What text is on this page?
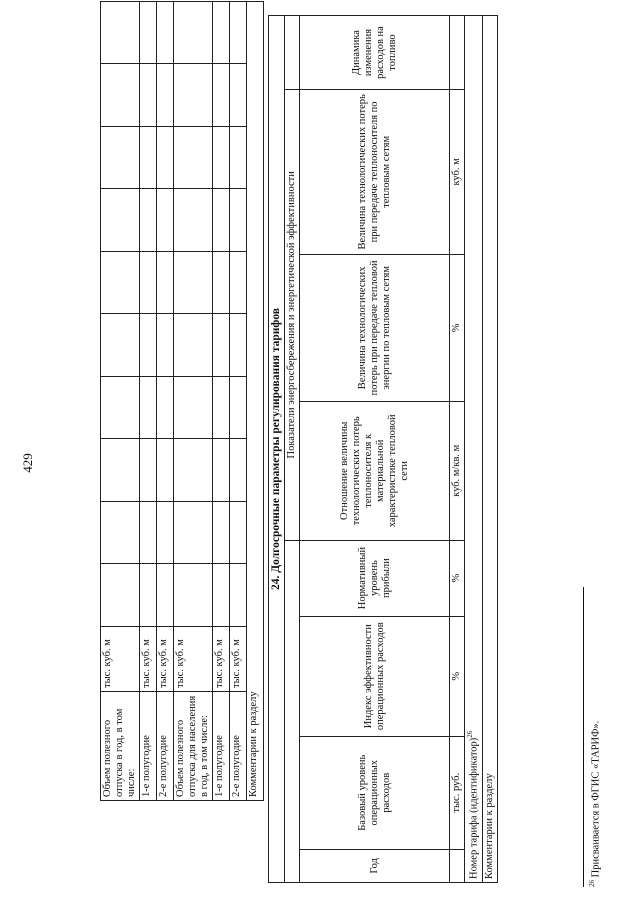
429
Объем полезного отпуска в год, в том числе:	тыс. куб. м										
1-е полугодие	тыс. куб. м										
2-е полугодие	тыс. куб. м										
Объем полезного отпуска для населения в год, в том числе:	тыс. куб. м										
1-е полугодие	тыс. куб. м										
2-е полугодие	тыс. куб. м										
Комментарии к разделу											
24. Долгосрочные параметры регулирования тарифов							
				Показатели энергосбережения и энергетической эффективности			
Год	Базовый уровень операционных расходов	Индекс эффективности операционных расходов	Нормативный уровень прибыли	Отношение величины технологических потерь теплоносителя к материальной характеристике тепловой сети	Величина технологических потерь при передаче тепловой энергии по тепловым сетям	Величина технологических потерь при передаче теплоносителя по тепловым сетям	Динамика изменения расходов на топливо
	тыс. руб.	%	%	куб. м/кв. м	%	куб. м	
Номер тарифа (идентификатор)$^{26}$
Комментарии к разделу							
$^{26}$ Присваивается в ФГИС «ТАРИФ».
